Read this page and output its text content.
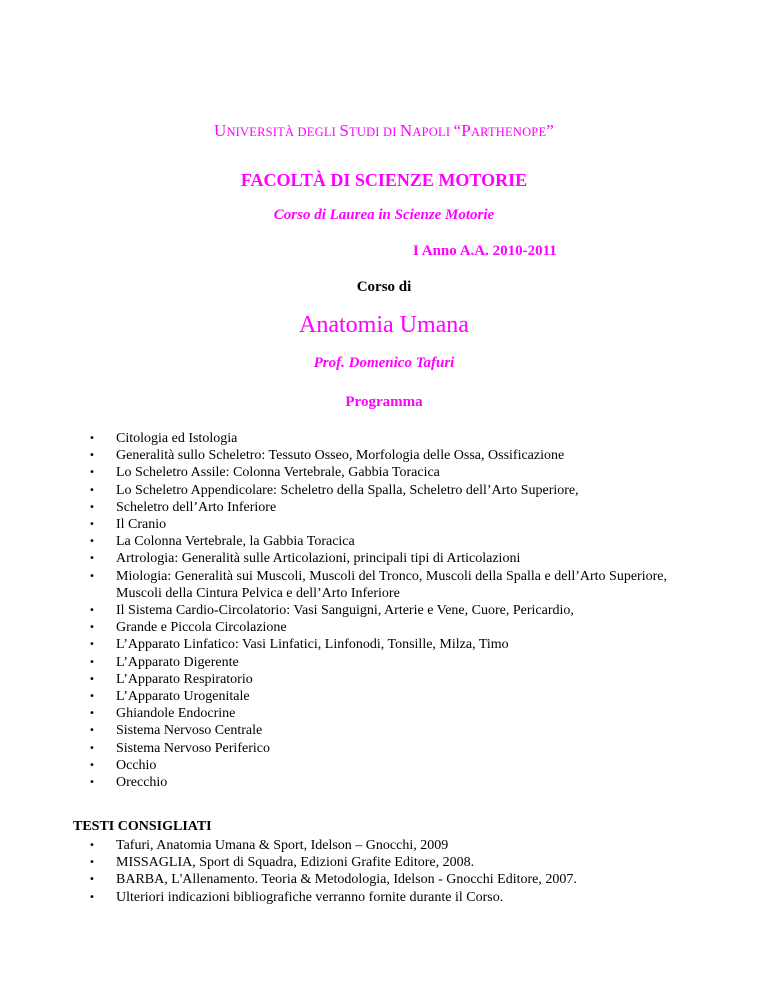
UNIVERSITÀ DEGLI STUDI DI NAPOLI “PARTHENOPE”
FACOLTÀ DI SCIENZE MOTORIE
Corso di Laurea in Scienze Motorie
I Anno A.A. 2010-2011
Corso di
Anatomia Umana
Prof. Domenico Tafuri
Programma
• Citologia ed Istologia
• Generalità sullo Scheletro: Tessuto Osseo, Morfologia delle Ossa, Ossificazione
• Lo Scheletro Assile: Colonna Vertebrale, Gabbia Toracica
• Lo Scheletro Appendicolare: Scheletro della Spalla, Scheletro dell’Arto Superiore,
• Scheletro dell’Arto Inferiore
• Il Cranio
• La Colonna Vertebrale, la Gabbia Toracica
• Artrologia: Generalità sulle Articolazioni, principali tipi di Articolazioni
• Miologia: Generalità sui Muscoli, Muscoli del Tronco, Muscoli della Spalla e dell’Arto Superiore, Muscoli della Cintura Pelvica e dell’Arto Inferiore
• Il Sistema Cardio-Circolatorio: Vasi Sanguigni, Arterie e Vene, Cuore, Pericardio,
• Grande e Piccola Circolazione
• L’Apparato Linfatico: Vasi Linfatici, Linfonodi, Tonsille, Milza, Timo
• L’Apparato Digerente
• L’Apparato Respiratorio
• L’Apparato Urogenitale
• Ghiandole Endocrine
• Sistema Nervoso Centrale
• Sistema Nervoso Periferico
• Occhio
• Orecchio
TESTI CONSIGLIATI
• Tafuri, Anatomia Umana & Sport, Idelson – Gnocchi, 2009
• MISSAGLIA, Sport di Squadra, Edizioni Grafite Editore, 2008.
• BARBA, L'Allenamento. Teoria & Metodologia, Idelson - Gnocchi Editore, 2007.
• Ulteriori indicazioni bibliografiche verranno fornite durante il Corso.
